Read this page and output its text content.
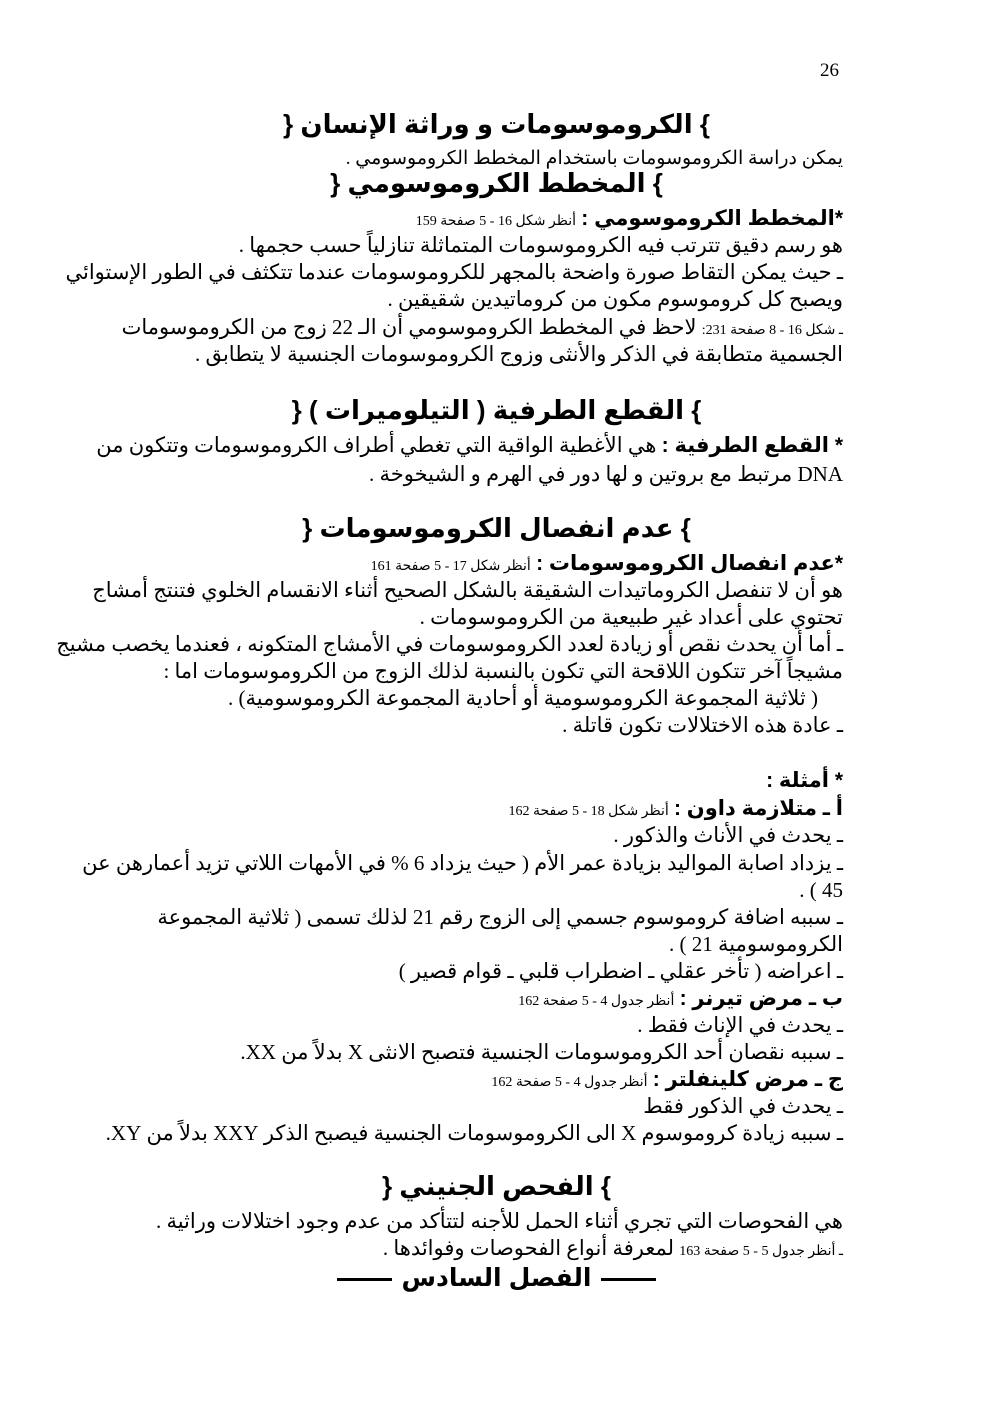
26
} الكروموسومات و وراثة الإنسان {
يمكن دراسة الكروموسومات باستخدام المخطط الكروموسومي .
} المخطط الكروموسومي {
*المخطط الكروموسومي : أنظر شكل 16 - 5 صفحة 159
هو رسم دقيق تترتب فيه الكروموسومات المتماثلة تنازلياً حسب حجمها .
ـ حيث يمكن التقاط صورة واضحة بالمجهر للكروموسومات عندما تتكثف في الطور الإستوائي
ويصبح كل كروموسوم مكون من كروماتيدين شقيقين .
ـ شكل 16 - 8 صفحة 231: لاحظ في المخطط الكروموسومي أن الـ 22 زوج من الكروموسومات
الجسمية متطابقة في الذكر والأنثى وزوج الكروموسومات الجنسية لا يتطابق .
} القطع الطرفية ( التيلوميرات ) {
* القطع الطرفية : هي الأغطية الواقية التي تغطي أطراف الكروموسومات وتتكون من
DNA مرتبط مع بروتين و لها دور في الهرم و الشيخوخة .
} عدم انفصال الكروموسومات {
*عدم انفصال الكروموسومات : أنظر شكل 17 - 5 صفحة 161
هو أن لا تنفصل الكروماتيدات الشقيقة بالشكل الصحيح أثناء الانقسام الخلوي فتنتج أمشاج
تحتوي على أعداد غير طبيعية من الكروموسومات .
ـ أما أن يحدث نقص أو زيادة لعدد الكروموسومات في الأمشاج المتكونه ، فعندما يخصب مشيج
مشيجاً آخر تتكون اللاقحة التي تكون بالنسبة لذلك الزوج من الكروموسومات اما :
( ثلاثية المجموعة الكروموسومية أو أحادية المجموعة الكروموسومية) .
ـ عادة هذه الاختلالات تكون قاتلة .
* أمثلة :
أ ـ متلازمة داون : أنظر شكل 18 - 5 صفحة 162
ـ يحدث في الأناث والذكور .
ـ يزداد اصابة المواليد بزيادة عمر الأم ( حيث يزداد 6 % في الأمهات اللاتي تزيد أعمارهن عن
45 ) .
ـ سببه اضافة كروموسوم جسمي إلى الزوج رقم 21 لذلك تسمى ( ثلاثية المجموعة
الكروموسومية 21 ) .
ـ اعراضه ( تأخر عقلي ـ اضطراب قلبي ـ قوام قصير )
ب ـ مرض تيرنر : أنظر جدول 4 - 5 صفحة 162
ـ يحدث في الإناث فقط .
ـ سببه نقصان أحد الكروموسومات الجنسية فتصبح الانثى X بدلاً من XX.
ج ـ مرض كلينفلتر : أنظر جدول 4 - 5 صفحة 162
ـ يحدث في الذكور فقط
ـ سببه زيادة كروموسوم X الى الكروموسومات الجنسية فيصبح الذكر XXY بدلاً من XY.
} الفحص الجنيني {
هي الفحوصات التي تجري أثناء الحمل للأجنه لتتأكد من عدم وجود اختلالات وراثية .
ـ أنظر جدول 5 - 5 صفحة 163 لمعرفة أنواع الفحوصات وفوائدها .
الفصل السادس
